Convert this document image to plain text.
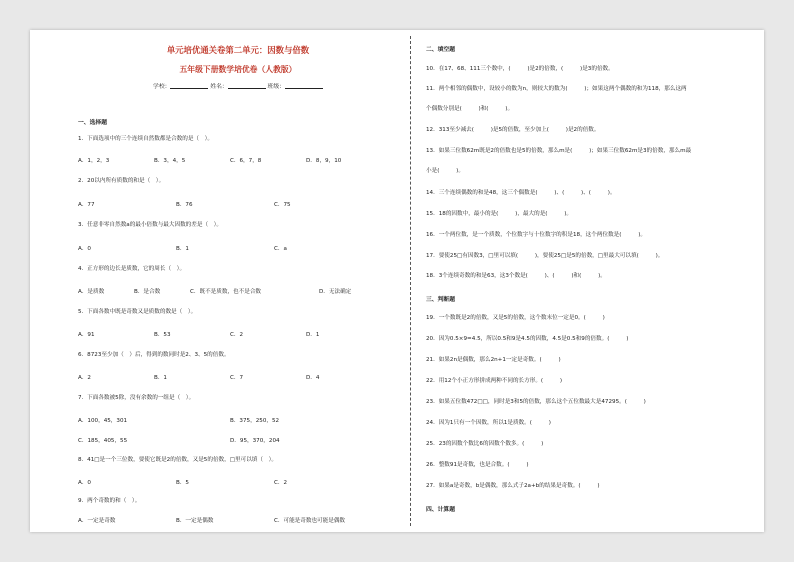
单元培优通关卷第二单元：因数与倍数
五年级下册数学培优卷（人教版）
学校：	姓名：	班级：
一、选择题
1．下面选项中的三个连续自然数都是合数的是（　）。
A．1，2，3	B．3，4，5	C．6，7，8	D．8，9，10
2．20以内所有质数的和是（　）。
A．77	B．76	C．75
3．任意非零自然数a的最小倍数与最大因数的差是（　）。
A．0	B．1	C．a
4．正方形的边长是质数，它的周长（　）。
A．是质数	B．是合数	C．既不是质数，也不是合数	D．无法确定
5．下面各数中既是奇数又是质数的数是（　）。
A．91	B．53	C．2	D．1
6．8723至少加（　）后，得到的数同时是2、3、5的倍数。
A．2	B．1	C．7	D．4
7．下面各数被5除，没有余数的一组是（　）。
A．100，45，301	B．375，250，52
C．185，405，55	D．95，370，204
8．41□是一个三位数，要使它既是2的倍数，又是5的倍数，□里可以填（　）。
A．0	B．5	C．2
9．两个奇数的和（　）。
A．一定是奇数	B．一定是偶数	C．可能是奇数也可能是偶数
二、填空题
10．在17、68、111三个数中，(　　　)是2的倍数，(　　　)是3的倍数。
11．两个相邻的偶数中，设较小的数为n，则较大的数为(　　　)；如果这两个偶数的和为118，那么这两
个偶数分别是(　　　)和(　　　)。
12．313至少减去(　　　)是5的倍数，至少加上(　　　)是2的倍数。
13．如果三位数62m既是2的倍数也是5的倍数，那么m是(　　　)；如果三位数62m是3的倍数，那么m最
小是(　　　)。
14．三个连续偶数的和是48，这三个偶数是(　　　)、(　　　)、(　　　)。
15．18的因数中，最小的是(　　　)，最大的是(　　　)。
16．一个两位数，是一个质数，个位数字与十位数字的积是18，这个两位数是(　　　)。
17．要使25□有因数3，□里可以填(　　　)，要使25□是5的倍数，□里最大可以填(　　　)。
18．3个连续奇数的和是63，这3个数是(　　　)、(　　　)和(　　　)。
三、判断题
19．一个数既是2的倍数，又是5的倍数，这个数末位一定是0。(　　　)
20．因为0.5×9=4.5，所以0.5和9是4.5的因数，4.5是0.5和9的倍数。(　　　)
21．如果2n是偶数，那么2n+1一定是奇数。(　　　)
22．用12个小正方形拼成两种不同的长方形。(　　　)
23．如果五位数472□□，同时是3和5的倍数，那么这个五位数最大是47295。(　　　)
24．因为1只有一个因数，所以1是质数。(　　　)
25．23的因数个数比6的因数个数多。(　　　)
26．整数91是奇数，也是合数。(　　　)
27．如果a是奇数，b是偶数，那么式子2a+b的结果是奇数。(　　　)
四、计算题
